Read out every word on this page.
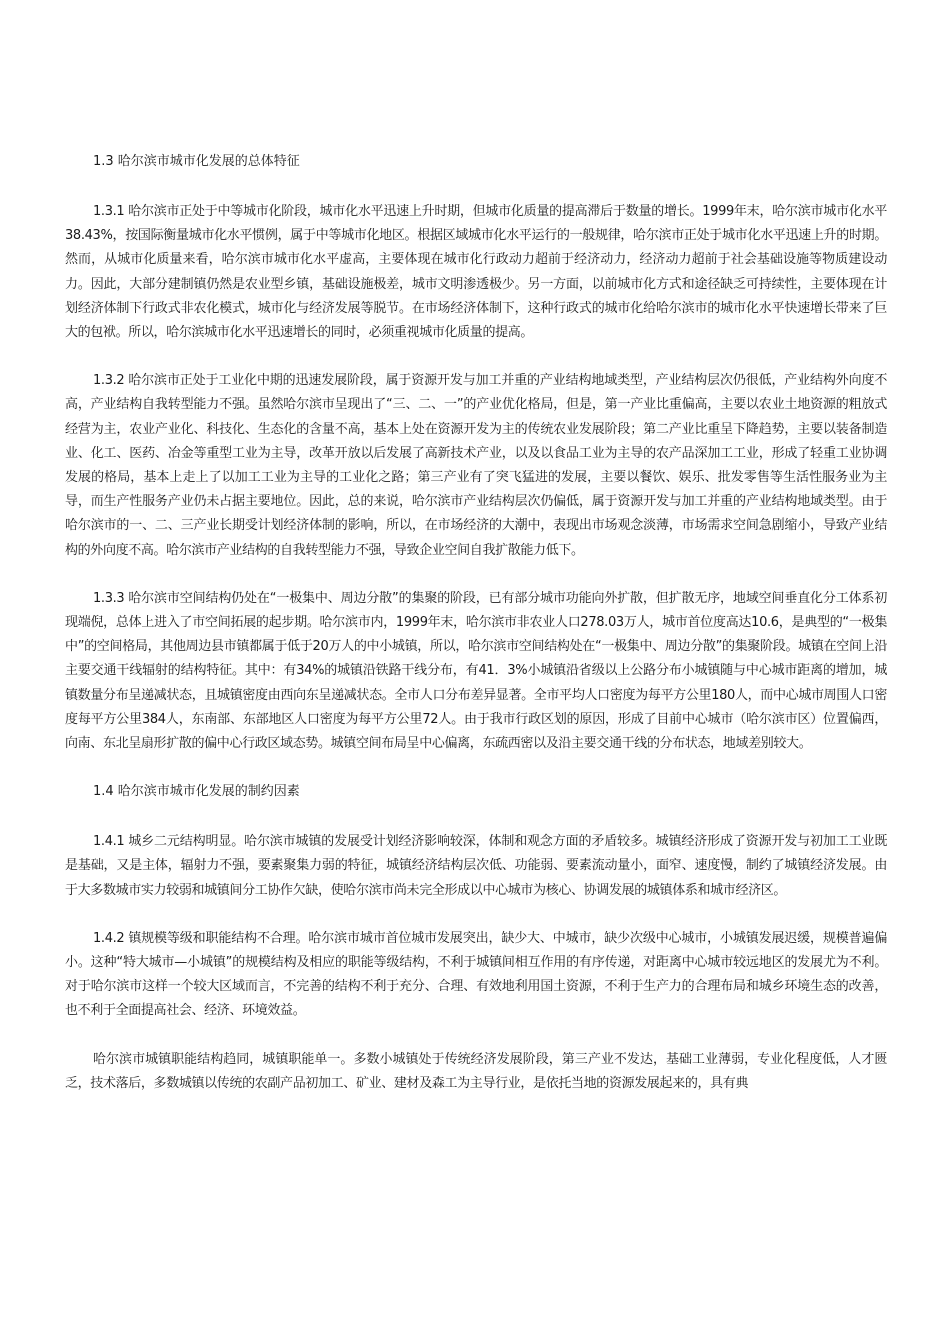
1.3 哈尔滨市城市化发展的总体特征

1.3.1 哈尔滨市正处于中等城市化阶段，城市化水平迅速上升时期，但城市化质量的提高滞后于数量的增长。1999年末，哈尔滨市城市化水平38.43%，按国际衡量城市化水平惯例，属于中等城市化地区。根据区域城市化水平运行的一般规律，哈尔滨市正处于城市化水平迅速上升的时期。然而，从城市化质量来看，哈尔滨市城市化水平虚高，主要体现在城市化行政动力超前于经济动力，经济动力超前于社会基础设施等物质建设动力。因此，大部分建制镇仍然是农业型乡镇，基础设施极差，城市文明渗透极少。另一方面，以前城市化方式和途径缺乏可持续性，主要体现在计划经济体制下行政式非农化模式，城市化与经济发展等脱节。在市场经济体制下，这种行政式的城市化给哈尔滨市的城市化水平快速增长带来了巨大的包袱。所以，哈尔滨城市化水平迅速增长的同时，必须重视城市化质量的提高。

1.3.2 哈尔滨市正处于工业化中期的迅速发展阶段，属于资源开发与加工并重的产业结构地域类型，产业结构层次仍很低，产业结构外向度不高，产业结构自我转型能力不强。虽然哈尔滨市呈现出了“三、二、一”的产业优化格局，但是，第一产业比重偏高，主要以农业土地资源的粗放式经营为主，农业产业化、科技化、生态化的含量不高，基本上处在资源开发为主的传统农业发展阶段；第二产业比重呈下降趋势，主要以装备制造业、化工、医药、冶金等重型工业为主导，改革开放以后发展了高新技术产业，以及以食品工业为主导的农产品深加工工业，形成了轻重工业协调发展的格局，基本上走上了以加工工业为主导的工业化之路；第三产业有了突飞猛进的发展，主要以餐饮、娱乐、批发零售等生活性服务业为主导，而生产性服务产业仍未占据主要地位。因此，总的来说，哈尔滨市产业结构层次仍偏低，属于资源开发与加工并重的产业结构地域类型。由于哈尔滨市的一、二、三产业长期受计划经济体制的影响，所以，在市场经济的大潮中，表现出市场观念淡薄，市场需求空间急剧缩小，导致产业结构的外向度不高。哈尔滨市产业结构的自我转型能力不强，导致企业空间自我扩散能力低下。

1.3.3 哈尔滨市空间结构仍处在“一极集中、周边分散”的集聚的阶段，已有部分城市功能向外扩散，但扩散无序，地域空间垂直化分工体系初现端倪，总体上进入了市空间拓展的起步期。哈尔滨市内，1999年末，哈尔滨市非农业人口278.03万人，城市首位度高达10.6，是典型的“一极集中”的空间格局，其他周边县市镇都属于低于20万人的中小城镇，所以，哈尔滨市空间结构处在“一极集中、周边分散”的集聚阶段。城镇在空间上沿主要交通干线辐射的结构特征。其中：有34%的城镇沿铁路干线分布，有41．3%小城镇沿省级以上公路分布小城镇随与中心城市距离的增加，城镇数量分布呈递减状态，且城镇密度由西向东呈递减状态。全市人口分布差异显著。全市平均人口密度为每平方公里180人，而中心城市周围人口密度每平方公里384人，东南部、东部地区人口密度为每平方公里72人。由于我市行政区划的原因，形成了目前中心城市（哈尔滨市区）位置偏西，向南、东北呈扇形扩散的偏中心行政区域态势。城镇空间布局呈中心偏离，东疏西密以及沿主要交通干线的分布状态，地域差别较大。

1.4 哈尔滨市城市化发展的制约因素

1.4.1 城乡二元结构明显。哈尔滨市城镇的发展受计划经济影响较深，体制和观念方面的矛盾较多。城镇经济形成了资源开发与初加工工业既是基础，又是主体，辐射力不强，要素聚集力弱的特征，城镇经济结构层次低、功能弱、要素流动量小，面窄、速度慢，制约了城镇经济发展。由于大多数城市实力较弱和城镇间分工协作欠缺，使哈尔滨市尚未完全形成以中心城市为核心、协调发展的城镇体系和城市经济区。

1.4.2 镇规模等级和职能结构不合理。哈尔滨市城市首位城市发展突出，缺少大、中城市，缺少次级中心城市，小城镇发展迟缓，规模普遍偏小。这种“特大城市—小城镇”的规模结构及相应的职能等级结构，不利于城镇间相互作用的有序传递，对距离中心城市较远地区的发展尤为不利。对于哈尔滨市这样一个较大区域而言，不完善的结构不利于充分、合理、有效地利用国土资源，不利于生产力的合理布局和城乡环境生态的改善，也不利于全面提高社会、经济、环境效益。

哈尔滨市城镇职能结构趋同，城镇职能单一。多数小城镇处于传统经济发展阶段，第三产业不发达，基础工业薄弱，专业化程度低，人才匮乏，技术落后，多数城镇以传统的农副产品初加工、矿业、建材及森工为主导行业，是依托当地的资源发展起来的，具有典
